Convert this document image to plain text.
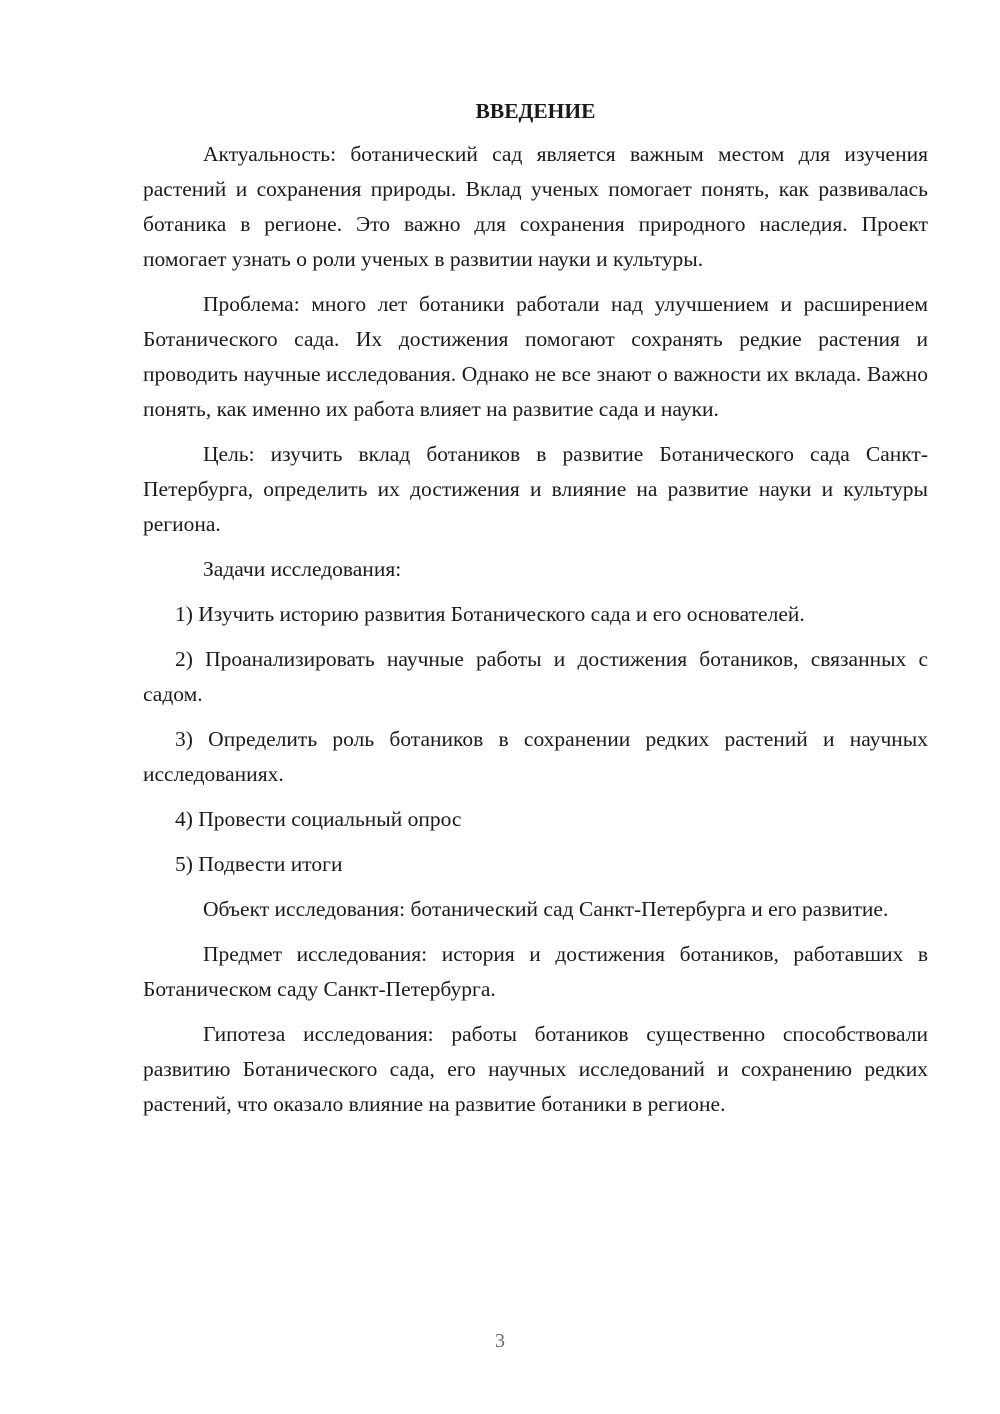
ВВЕДЕНИЕ

Актуальность: ботанический сад является важным местом для изучения растений и сохранения природы. Вклад ученых помогает понять, как развивалась ботаника в регионе. Это важно для сохранения природного наследия. Проект помогает узнать о роли ученых в развитии науки и культуры.

Проблема: много лет ботаники работали над улучшением и расширением Ботанического сада. Их достижения помогают сохранять редкие растения и проводить научные исследования. Однако не все знают о важности их вклада. Важно понять, как именно их работа влияет на развитие сада и науки.

Цель: изучить вклад ботаников в развитие Ботанического сада Санкт-Петербурга, определить их достижения и влияние на развитие науки и культуры региона.

Задачи исследования:

1) Изучить историю развития Ботанического сада и его основателей.

2) Проанализировать научные работы и достижения ботаников, связанных с садом.

3) Определить роль ботаников в сохранении редких растений и научных исследованиях.

4) Провести социальный опрос

5) Подвести итоги

Объект исследования: ботанический сад Санкт-Петербурга и его развитие.

Предмет исследования: история и достижения ботаников, работавших в Ботаническом саду Санкт-Петербурга.

Гипотеза исследования: работы ботаников существенно способствовали развитию Ботанического сада, его научных исследований и сохранению редких растений, что оказало влияние на развитие ботаники в регионе.

3
